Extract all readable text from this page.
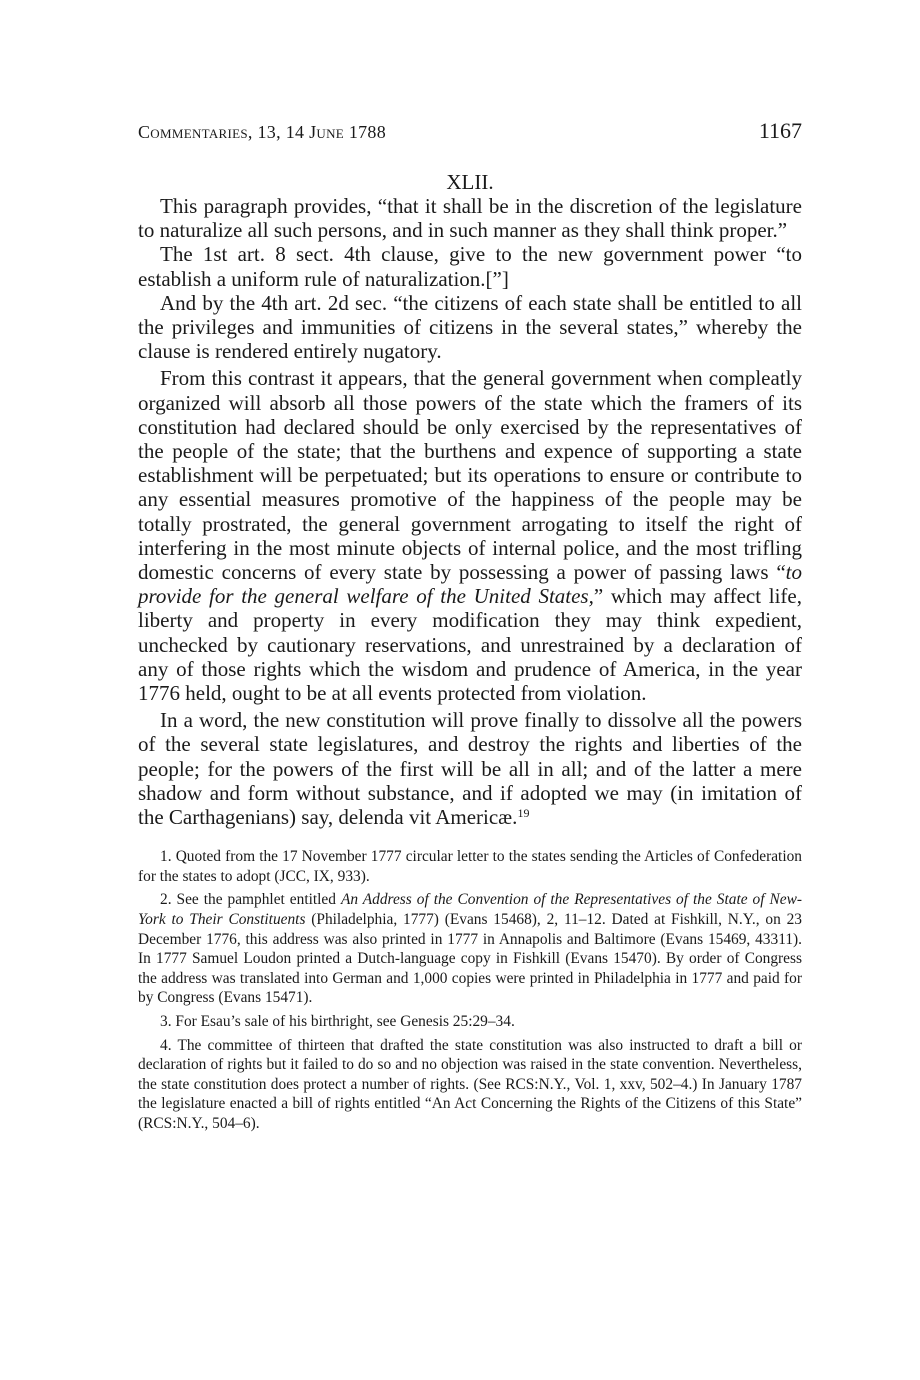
Commentaries, 13, 14 June 1788	1167
XLII.

This paragraph provides, “that it shall be in the discretion of the legislature to naturalize all such persons, and in such manner as they shall think proper.”

The 1st art. 8 sect. 4th clause, give to the new government power “to establish a uniform rule of naturalization.[”]

And by the 4th art. 2d sec. “the citizens of each state shall be entitled to all the privileges and immunities of citizens in the several states,” whereby the clause is rendered entirely nugatory.

From this contrast it appears, that the general government when compleatly organized will absorb all those powers of the state which the framers of its constitution had declared should be only exercised by the representatives of the people of the state; that the burthens and expence of supporting a state establishment will be perpetuated; but its operations to ensure or contribute to any essential measures promotive of the happiness of the people may be totally prostrated, the general government arrogating to itself the right of interfering in the most minute objects of internal police, and the most trifling domestic concerns of every state by possessing a power of passing laws “to provide for the general welfare of the United States,” which may affect life, liberty and property in every modification they may think expedient, unchecked by cautionary reservations, and unrestrained by a declaration of any of those rights which the wisdom and prudence of America, in the year 1776 held, ought to be at all events protected from violation.

In a word, the new constitution will prove finally to dissolve all the powers of the several state legislatures, and destroy the rights and liberties of the people; for the powers of the first will be all in all; and of the latter a mere shadow and form without substance, and if adopted we may (in imitation of the Carthagenians) say, delenda vit Americæ.$^{19}$

1. Quoted from the 17 November 1777 circular letter to the states sending the Articles of Confederation for the states to adopt (JCC, IX, 933).

2. See the pamphlet entitled An Address of the Convention of the Representatives of the State of New-York to Their Constituents (Philadelphia, 1777) (Evans 15468), 2, 11–12. Dated at Fishkill, N.Y., on 23 December 1776, this address was also printed in 1777 in Annapolis and Baltimore (Evans 15469, 43311). In 1777 Samuel Loudon printed a Dutch-language copy in Fishkill (Evans 15470). By order of Congress the address was translated into German and 1,000 copies were printed in Philadelphia in 1777 and paid for by Congress (Evans 15471).

3. For Esau’s sale of his birthright, see Genesis 25:29–34.

4. The committee of thirteen that drafted the state constitution was also instructed to draft a bill or declaration of rights but it failed to do so and no objection was raised in the state convention. Nevertheless, the state constitution does protect a number of rights. (See RCS:N.Y., Vol. 1, xxv, 502–4.) In January 1787 the legislature enacted a bill of rights entitled “An Act Concerning the Rights of the Citizens of this State” (RCS:N.Y., 504–6).
